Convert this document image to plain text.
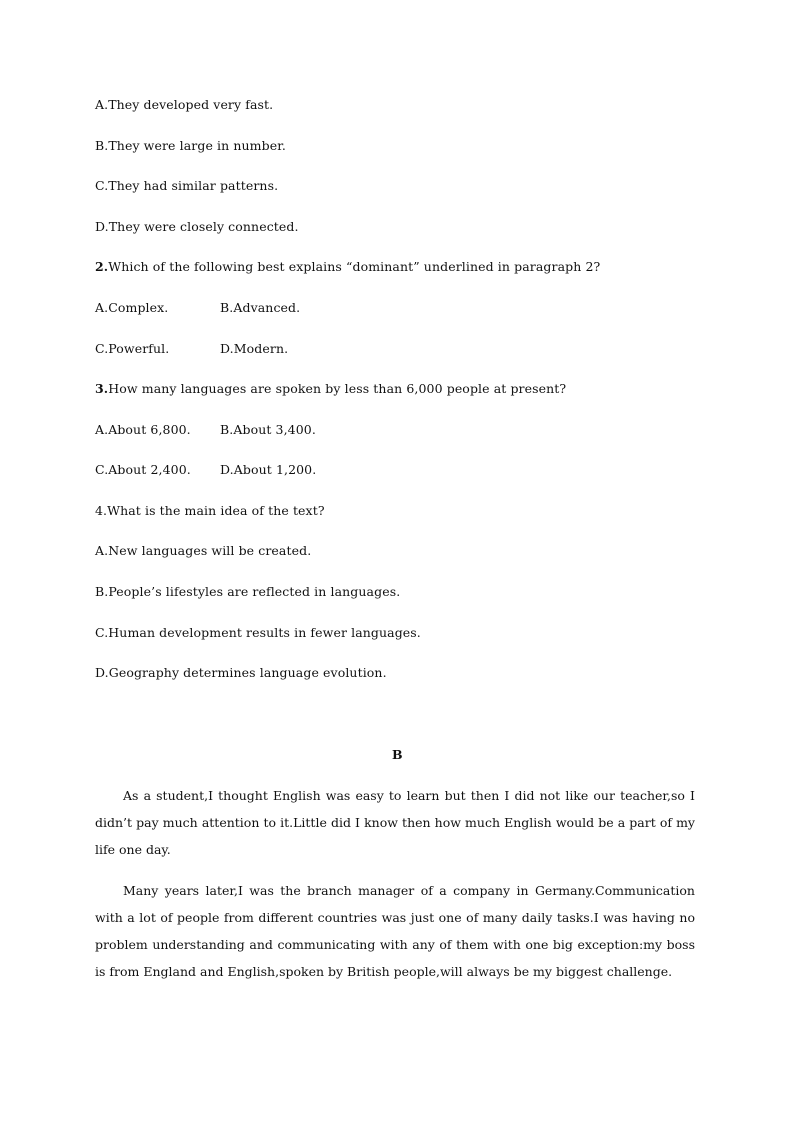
A.They developed very fast.
B.They were large in number.
C.They had similar patterns.
D.They were closely connected.
2.Which of the following best explains “dominant” underlined in paragraph 2?
A.Complex.	B.Advanced.
C.Powerful.	D.Modern.
3.How many languages are spoken by less than 6,000 people at present?
A.About 6,800. B.About 3,400.
C.About 2,400. D.About 1,200.
4.What is the main idea of the text?
A.New languages will be created.
B.People’s lifestyles are reflected in languages.
C.Human development results in fewer languages.
D.Geography determines language evolution.
B
As a student,I thought English was easy to learn but then I did not like our teacher,so I didn’t pay much attention to it.Little did I know then how much English would be a part of my life one day.
Many years later,I was the branch manager of a company in Germany.Communication with a lot of people from different countries was just one of many daily tasks.I was having no problem understanding and communicating with any of them with one big exception:my boss is from England and English,spoken by British people,will always be my biggest challenge.
